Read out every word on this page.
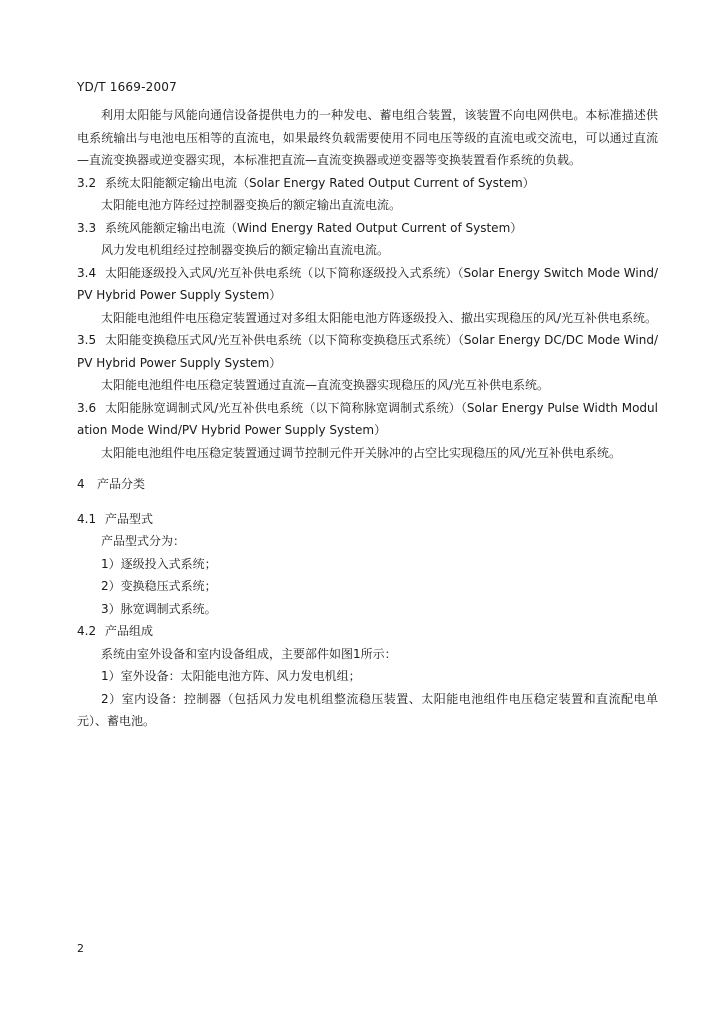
YD/T 1669-2007

利用太阳能与风能向通信设备提供电力的一种发电、蓄电组合装置，该装置不向电网供电。本标准描述供电系统输出与电池电压相等的直流电，如果最终负载需要使用不同电压等级的直流电或交流电，可以通过直流—直流变换器或逆变器实现，本标准把直流—直流变换器或逆变器等变换装置看作系统的负载。

3.2 系统太阳能额定输出电流（Solar Energy Rated Output Current of System）

太阳能电池方阵经过控制器变换后的额定输出直流电流。

3.3 系统风能额定输出电流（Wind Energy Rated Output Current of System）

风力发电机组经过控制器变换后的额定输出直流电流。

3.4 太阳能逐级投入式风/光互补供电系统（以下简称逐级投入式系统）（Solar Energy Switch Mode Wind/PV Hybrid Power Supply System）

太阳能电池组件电压稳定装置通过对多组太阳能电池方阵逐级投入、撤出实现稳压的风/光互补供电系统。

3.5 太阳能变换稳压式风/光互补供电系统（以下简称变换稳压式系统）（Solar Energy DC/DC Mode Wind/PV Hybrid Power Supply System）

太阳能电池组件电压稳定装置通过直流—直流变换器实现稳压的风/光互补供电系统。

3.6 太阳能脉宽调制式风/光互补供电系统（以下简称脉宽调制式系统）（Solar Energy Pulse Width Modulation Mode Wind/PV Hybrid Power Supply System）

太阳能电池组件电压稳定装置通过调节控制元件开关脉冲的占空比实现稳压的风/光互补供电系统。

4 产品分类

4.1 产品型式

产品型式分为：

1）逐级投入式系统；

2）变换稳压式系统；

3）脉宽调制式系统。

4.2 产品组成

系统由室外设备和室内设备组成，主要部件如图1所示：

1）室外设备：太阳能电池方阵、风力发电机组；

2）室内设备：控制器（包括风力发电机组整流稳压装置、太阳能电池组件电压稳定装置和直流配电单元）、蓄电池。

2
